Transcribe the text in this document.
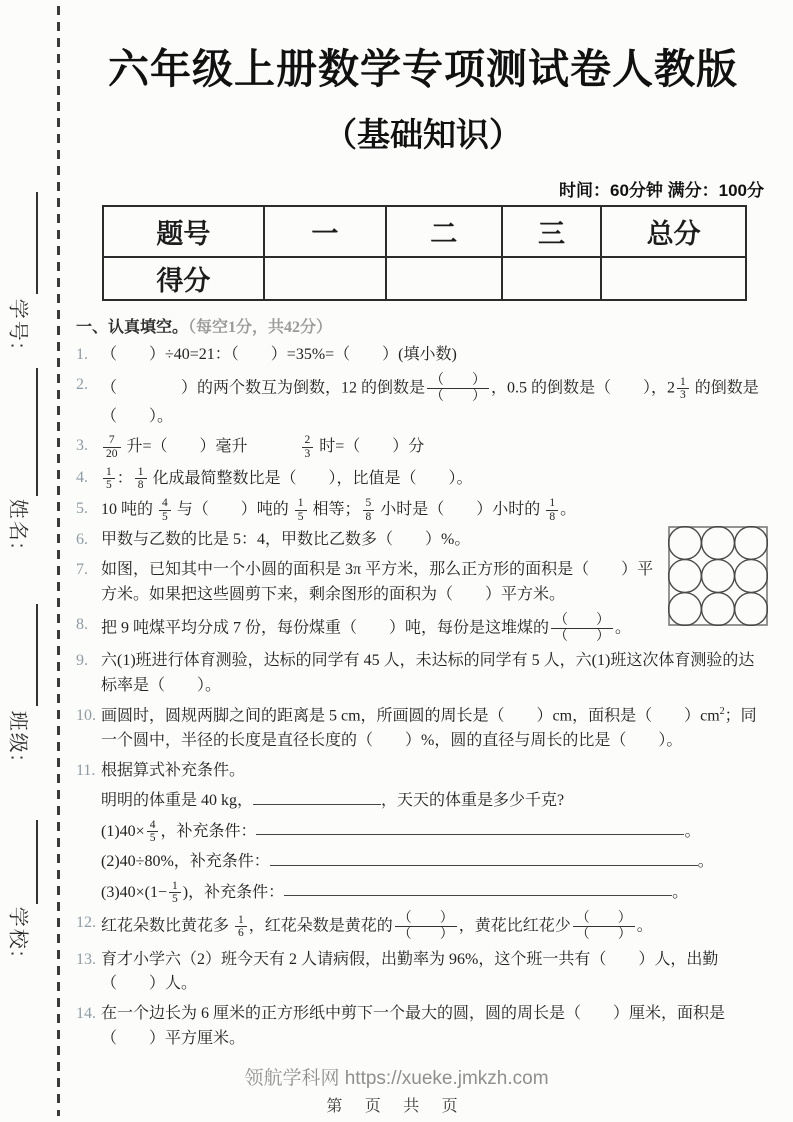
学号:
姓名:
班级:
学校:
六年级上册数学专项测试卷人教版
（基础知识）
时间：60分钟 满分：100分
题号	一	二	三	总分
得分				
一、认真填空。（每空1分，共42分）
1. （　　）÷40=21：（　　）=35%=（　　）(填小数)
2. （　　　　）的两个数互为倒数，12 的倒数是 $\frac{( )}{( )}$ ，0.5 的倒数是（　　），$2 \frac{1}{3}$ 的倒数是（　　）。
3.	$\frac{7}{20}$ 升=（　　）毫升	$\frac{2}{3}$ 时=（　　）分
4.	$\frac{1}{5}$ ： $\frac{1}{8}$ 化成最简整数比是（　　），比值是（　　）。
5. 10 吨的 $\frac{4}{5}$ 与（　　）吨的 $\frac{1}{5}$ 相等； $\frac{5}{8}$ 小时是（　　）小时的 $\frac{1}{8}$ 。
6. 甲数与乙数的比是 5：4，甲数比乙数多（　　）%。
7. 如图，已知其中一个小圆的面积是 3π 平方米，那么正方形的面积是（　　）平方米。如果把这些圆剪下来，剩余图形的面积为（　　）平方米。
8. 把 9 吨煤平均分成 7 份，每份煤重（　　）吨，每份是这堆煤的 $\frac{( )}{( )}$ 。
9. 六(1)班进行体育测验，达标的同学有 45 人，未达标的同学有 5 人，六(1)班这次体育测验的达标率是（　　）。
10. 画圆时，圆规两脚之间的距离是 5 cm，所画圆的周长是（　　）cm，面积是（　　）$cm^2$；同一个圆中，半径的长度是直径长度的（　　）%，圆的直径与周长的比是（　　）。
11. 根据算式补充条件。
明明的体重是 40 kg，	，天天的体重是多少千克?
$(1)40\times \frac{4}{5}$ ，补充条件：	。
(2)40÷80%，补充条件：	。
$(3)40\times(1- \frac{1}{5}$ )，补充条件：	。
12. 红花朵数比黄花多 $\frac{1}{6}$ ，红花朵数是黄花的 $\frac{( )}{( )}$ ，黄花比红花少 $\frac{( )}{( )}$ 。
13. 育才小学六（2）班今天有 2 人请病假，出勤率为 96%，这个班一共有（　　）人，出勤（　　）人。
14. 在一个边长为 6 厘米的正方形纸中剪下一个最大的圆，圆的周长是（　　）厘米，面积是（　　）平方厘米。
领航学科网 https://xueke.jmkzh.com
第 页 共 页
